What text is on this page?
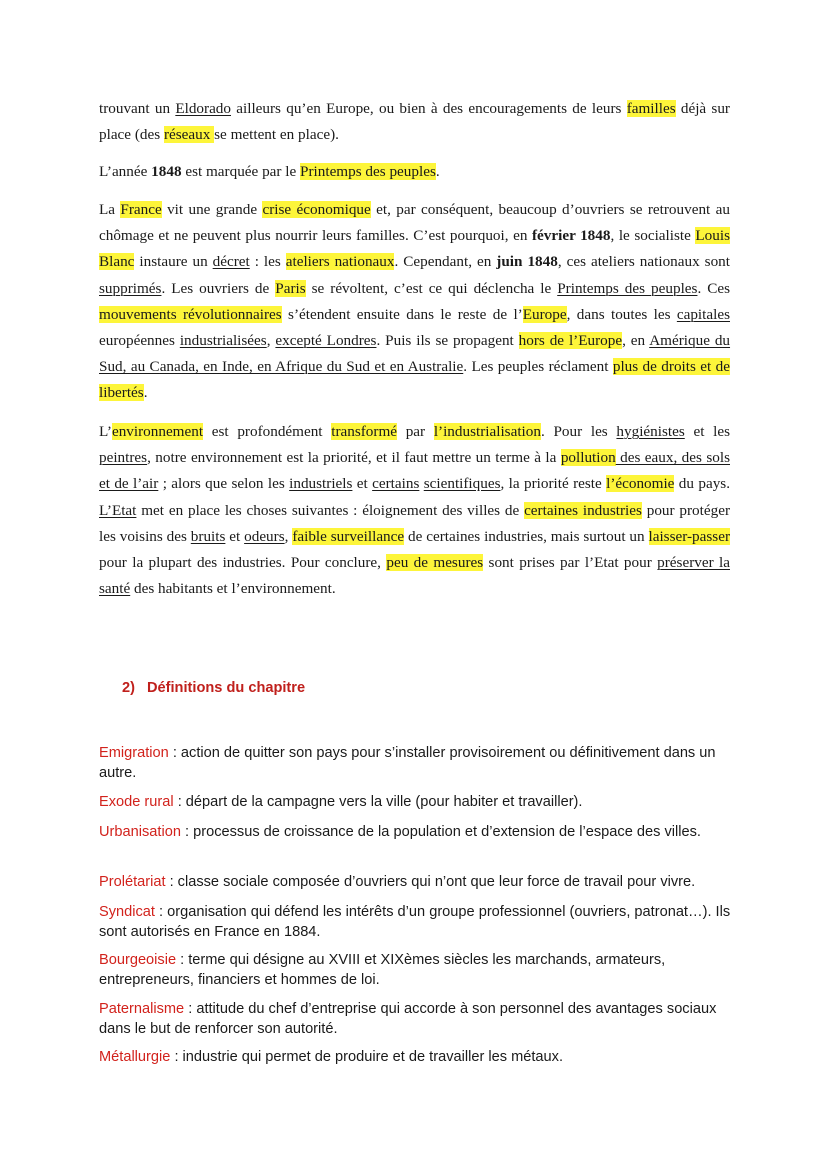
trouvant un Eldorado ailleurs qu’en Europe, ou bien à des encouragements de leurs familles déjà sur place (des réseaux se mettent en place).

L’année 1848 est marquée par le Printemps des peuples.

La France vit une grande crise économique et, par conséquent, beaucoup d’ouvriers se retrouvent au chômage et ne peuvent plus nourrir leurs familles. C’est pourquoi, en février 1848, le socialiste Louis Blanc instaure un décret : les ateliers nationaux. Cependant, en juin 1848, ces ateliers nationaux sont supprimés. Les ouvriers de Paris se révoltent, c’est ce qui déclencha le Printemps des peuples. Ces mouvements révolutionnaires s’étendent ensuite dans le reste de l’Europe, dans toutes les capitales européennes industrialisées, excepté Londres. Puis ils se propagent hors de l’Europe, en Amérique du Sud, au Canada, en Inde, en Afrique du Sud et en Australie. Les peuples réclament plus de droits et de libertés.

L’environnement est profondément transformé par l’industrialisation. Pour les hygiénistes et les peintres, notre environnement est la priorité, et il faut mettre un terme à la pollution des eaux, des sols et de l’air ; alors que selon les industriels et certains scientifiques, la priorité reste l’économie du pays. L’Etat met en place les choses suivantes : éloignement des villes de certaines industries pour protéger les voisins des bruits et odeurs, faible surveillance de certaines industries, mais surtout un laisser-passer pour la plupart des industries. Pour conclure, peu de mesures sont prises par l’Etat pour préserver la santé des habitants et l’environnement.

2) Définitions du chapitre

Emigration : action de quitter son pays pour s’installer provisoirement ou définitivement dans un autre.

Exode rural : départ de la campagne vers la ville (pour habiter et travailler).

Urbanisation : processus de croissance de la population et d’extension de l’espace des villes.

Prolétariat : classe sociale composée d’ouvriers qui n’ont que leur force de travail pour vivre.

Syndicat : organisation qui défend les intérêts d’un groupe professionnel (ouvriers, patronat…). Ils sont autorisés en France en 1884.

Bourgeoisie : terme qui désigne au XVIII et XIXèmes siècles les marchands, armateurs, entrepreneurs, financiers et hommes de loi.

Paternalisme : attitude du chef d’entreprise qui accorde à son personnel des avantages sociaux dans le but de renforcer son autorité.

Métallurgie : industrie qui permet de produire et de travailler les métaux.
